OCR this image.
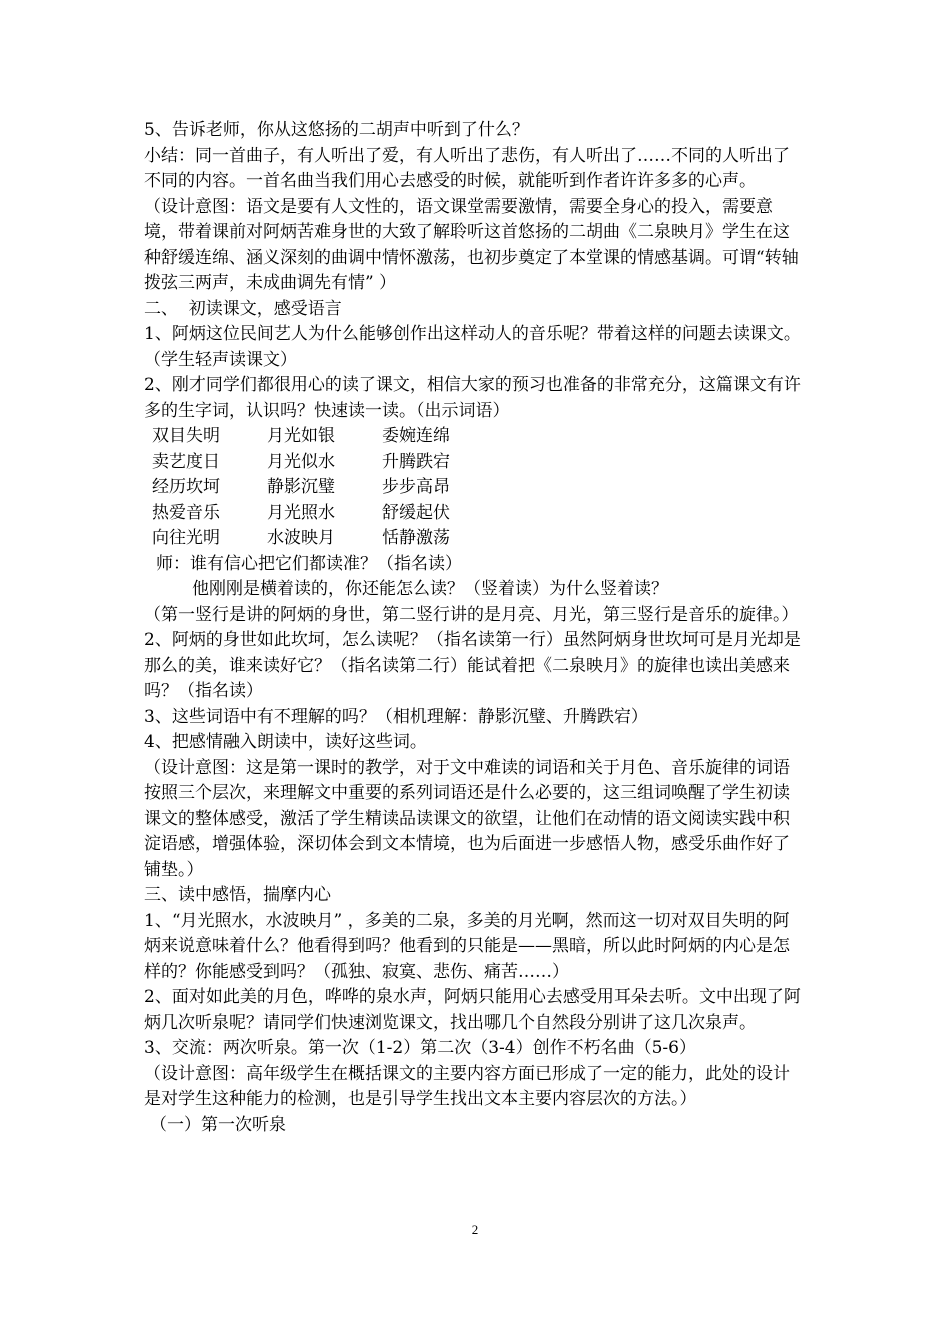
5、告诉老师，你从这悠扬的二胡声中听到了什么？

小结：同一首曲子，有人听出了爱，有人听出了悲伤，有人听出了……不同的人听出了不同的内容。一首名曲当我们用心去感受的时候，就能听到作者许许多多的心声。

（设计意图：语文是要有人文性的，语文课堂需要激情，需要全身心的投入，需要意境，带着课前对阿炳苦难身世的大致了解聆听这首悠扬的二胡曲《二泉映月》学生在这种舒缓连绵、涵义深刻的曲调中情怀激荡，也初步奠定了本堂课的情感基调。可谓“转轴拨弦三两声，未成曲调先有情” ）

二、  初读课文，感受语言

1、阿炳这位民间艺人为什么能够创作出这样动人的音乐呢？带着这样的问题去读课文。（学生轻声读课文）

2、刚才同学们都很用心的读了课文，相信大家的预习也准备的非常充分，这篇课文有许多的生字词，认识吗？快速读一读。（出示词语）

双目失明	月光如银	委婉连绵
卖艺度日	月光似水	升腾跌宕
经历坎坷	静影沉璧	步步高昂
热爱音乐	月光照水	舒缓起伏
向往光明	水波映月	恬静激荡

师：谁有信心把它们都读准？（指名读）

他刚刚是横着读的，你还能怎么读？（竖着读）为什么竖着读？

（第一竖行是讲的阿炳的身世，第二竖行讲的是月亮、月光，第三竖行是音乐的旋律。）

2、阿炳的身世如此坎坷，怎么读呢？（指名读第一行）虽然阿炳身世坎坷可是月光却是那么的美，谁来读好它？（指名读第二行）能试着把《二泉映月》的旋律也读出美感来吗？（指名读）

3、这些词语中有不理解的吗？（相机理解：静影沉璧、升腾跌宕）

4、把感情融入朗读中，读好这些词。

（设计意图：这是第一课时的教学，对于文中难读的词语和关于月色、音乐旋律的词语按照三个层次，来理解文中重要的系列词语还是什么必要的，这三组词唤醒了学生初读课文的整体感受，激活了学生精读品读课文的欲望，让他们在动情的语文阅读实践中积淀语感，增强体验，深切体会到文本情境，也为后面进一步感悟人物，感受乐曲作好了铺垫。）

三、读中感悟，揣摩内心

1、“月光照水，水波映月” ，多美的二泉，多美的月光啊，然而这一切对双目失明的阿炳来说意味着什么？他看得到吗？他看到的只能是——黑暗，所以此时阿炳的内心是怎样的？你能感受到吗？（孤独、寂寞、悲伤、痛苦……）

2、面对如此美的月色，哗哗的泉水声，阿炳只能用心去感受用耳朵去听。文中出现了阿炳几次听泉呢？请同学们快速浏览课文，找出哪几个自然段分别讲了这几次泉声。

3、交流：两次听泉。第一次（1-2）第二次（3-4）创作不朽名曲（5-6）

（设计意图：高年级学生在概括课文的主要内容方面已形成了一定的能力，此处的设计是对学生这种能力的检测，也是引导学生找出文本主要内容层次的方法。）

（一）第一次听泉

2
